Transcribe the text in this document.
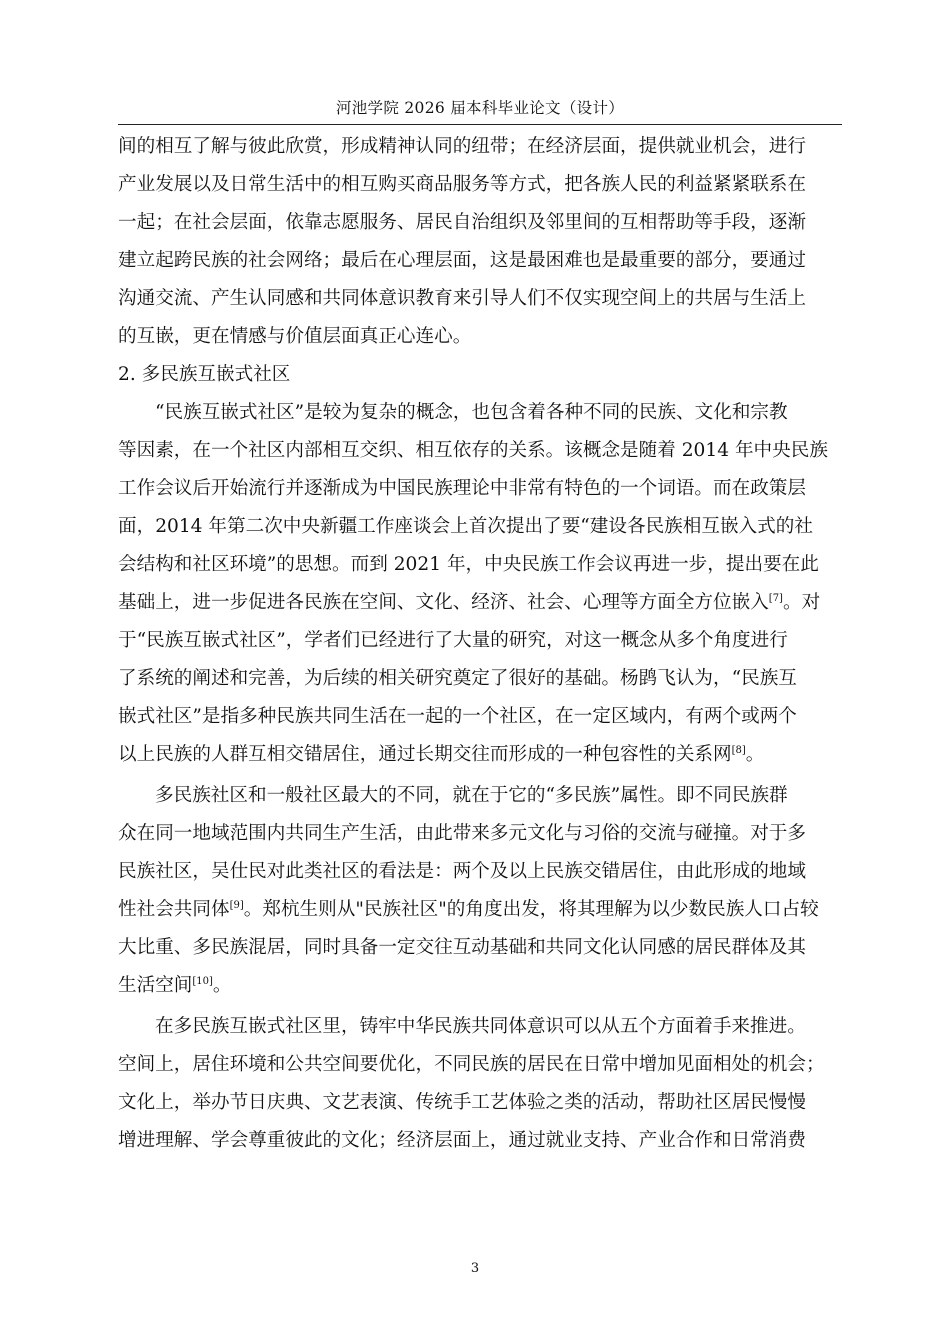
河池学院 2026 届本科毕业论文（设计）
间的相互了解与彼此欣赏，形成精神认同的纽带；在经济层面，提供就业机会，进行
产业发展以及日常生活中的相互购买商品服务等方式，把各族人民的利益紧紧联系在
一起；在社会层面，依靠志愿服务、居民自治组织及邻里间的互相帮助等手段，逐渐
建立起跨民族的社会网络；最后在心理层面，这是最困难也是最重要的部分，要通过
沟通交流、产生认同感和共同体意识教育来引导人们不仅实现空间上的共居与生活上
的互嵌，更在情感与价值层面真正心连心。
2. 多民族互嵌式社区
“民族互嵌式社区”是较为复杂的概念，也包含着各种不同的民族、文化和宗教
等因素，在一个社区内部相互交织、相互依存的关系。该概念是随着 2014 年中央民族
工作会议后开始流行并逐渐成为中国民族理论中非常有特色的一个词语。而在政策层
面，2014 年第二次中央新疆工作座谈会上首次提出了要“建设各民族相互嵌入式的社
会结构和社区环境”的思想。而到 2021 年，中央民族工作会议再进一步，提出要在此
基础上，进一步促进各民族在空间、文化、经济、社会、心理等方面全方位嵌入[7]。对
于“民族互嵌式社区”，学者们已经进行了大量的研究，对这一概念从多个角度进行
了系统的阐述和完善，为后续的相关研究奠定了很好的基础。杨鹍飞认为，“民族互
嵌式社区”是指多种民族共同生活在一起的一个社区，在一定区域内，有两个或两个
以上民族的人群互相交错居住，通过长期交往而形成的一种包容性的关系网[8]。
多民族社区和一般社区最大的不同，就在于它的“多民族”属性。即不同民族群
众在同一地域范围内共同生产生活，由此带来多元文化与习俗的交流与碰撞。对于多
民族社区，吴仕民对此类社区的看法是：两个及以上民族交错居住，由此形成的地域
性社会共同体[9]。郑杭生则从"民族社区"的角度出发，将其理解为以少数民族人口占较
大比重、多民族混居，同时具备一定交往互动基础和共同文化认同感的居民群体及其
生活空间[10]。
在多民族互嵌式社区里，铸牢中华民族共同体意识可以从五个方面着手来推进。
空间上，居住环境和公共空间要优化，不同民族的居民在日常中增加见面相处的机会；
文化上，举办节日庆典、文艺表演、传统手工艺体验之类的活动，帮助社区居民慢慢
增进理解、学会尊重彼此的文化；经济层面上，通过就业支持、产业合作和日常消费
3
